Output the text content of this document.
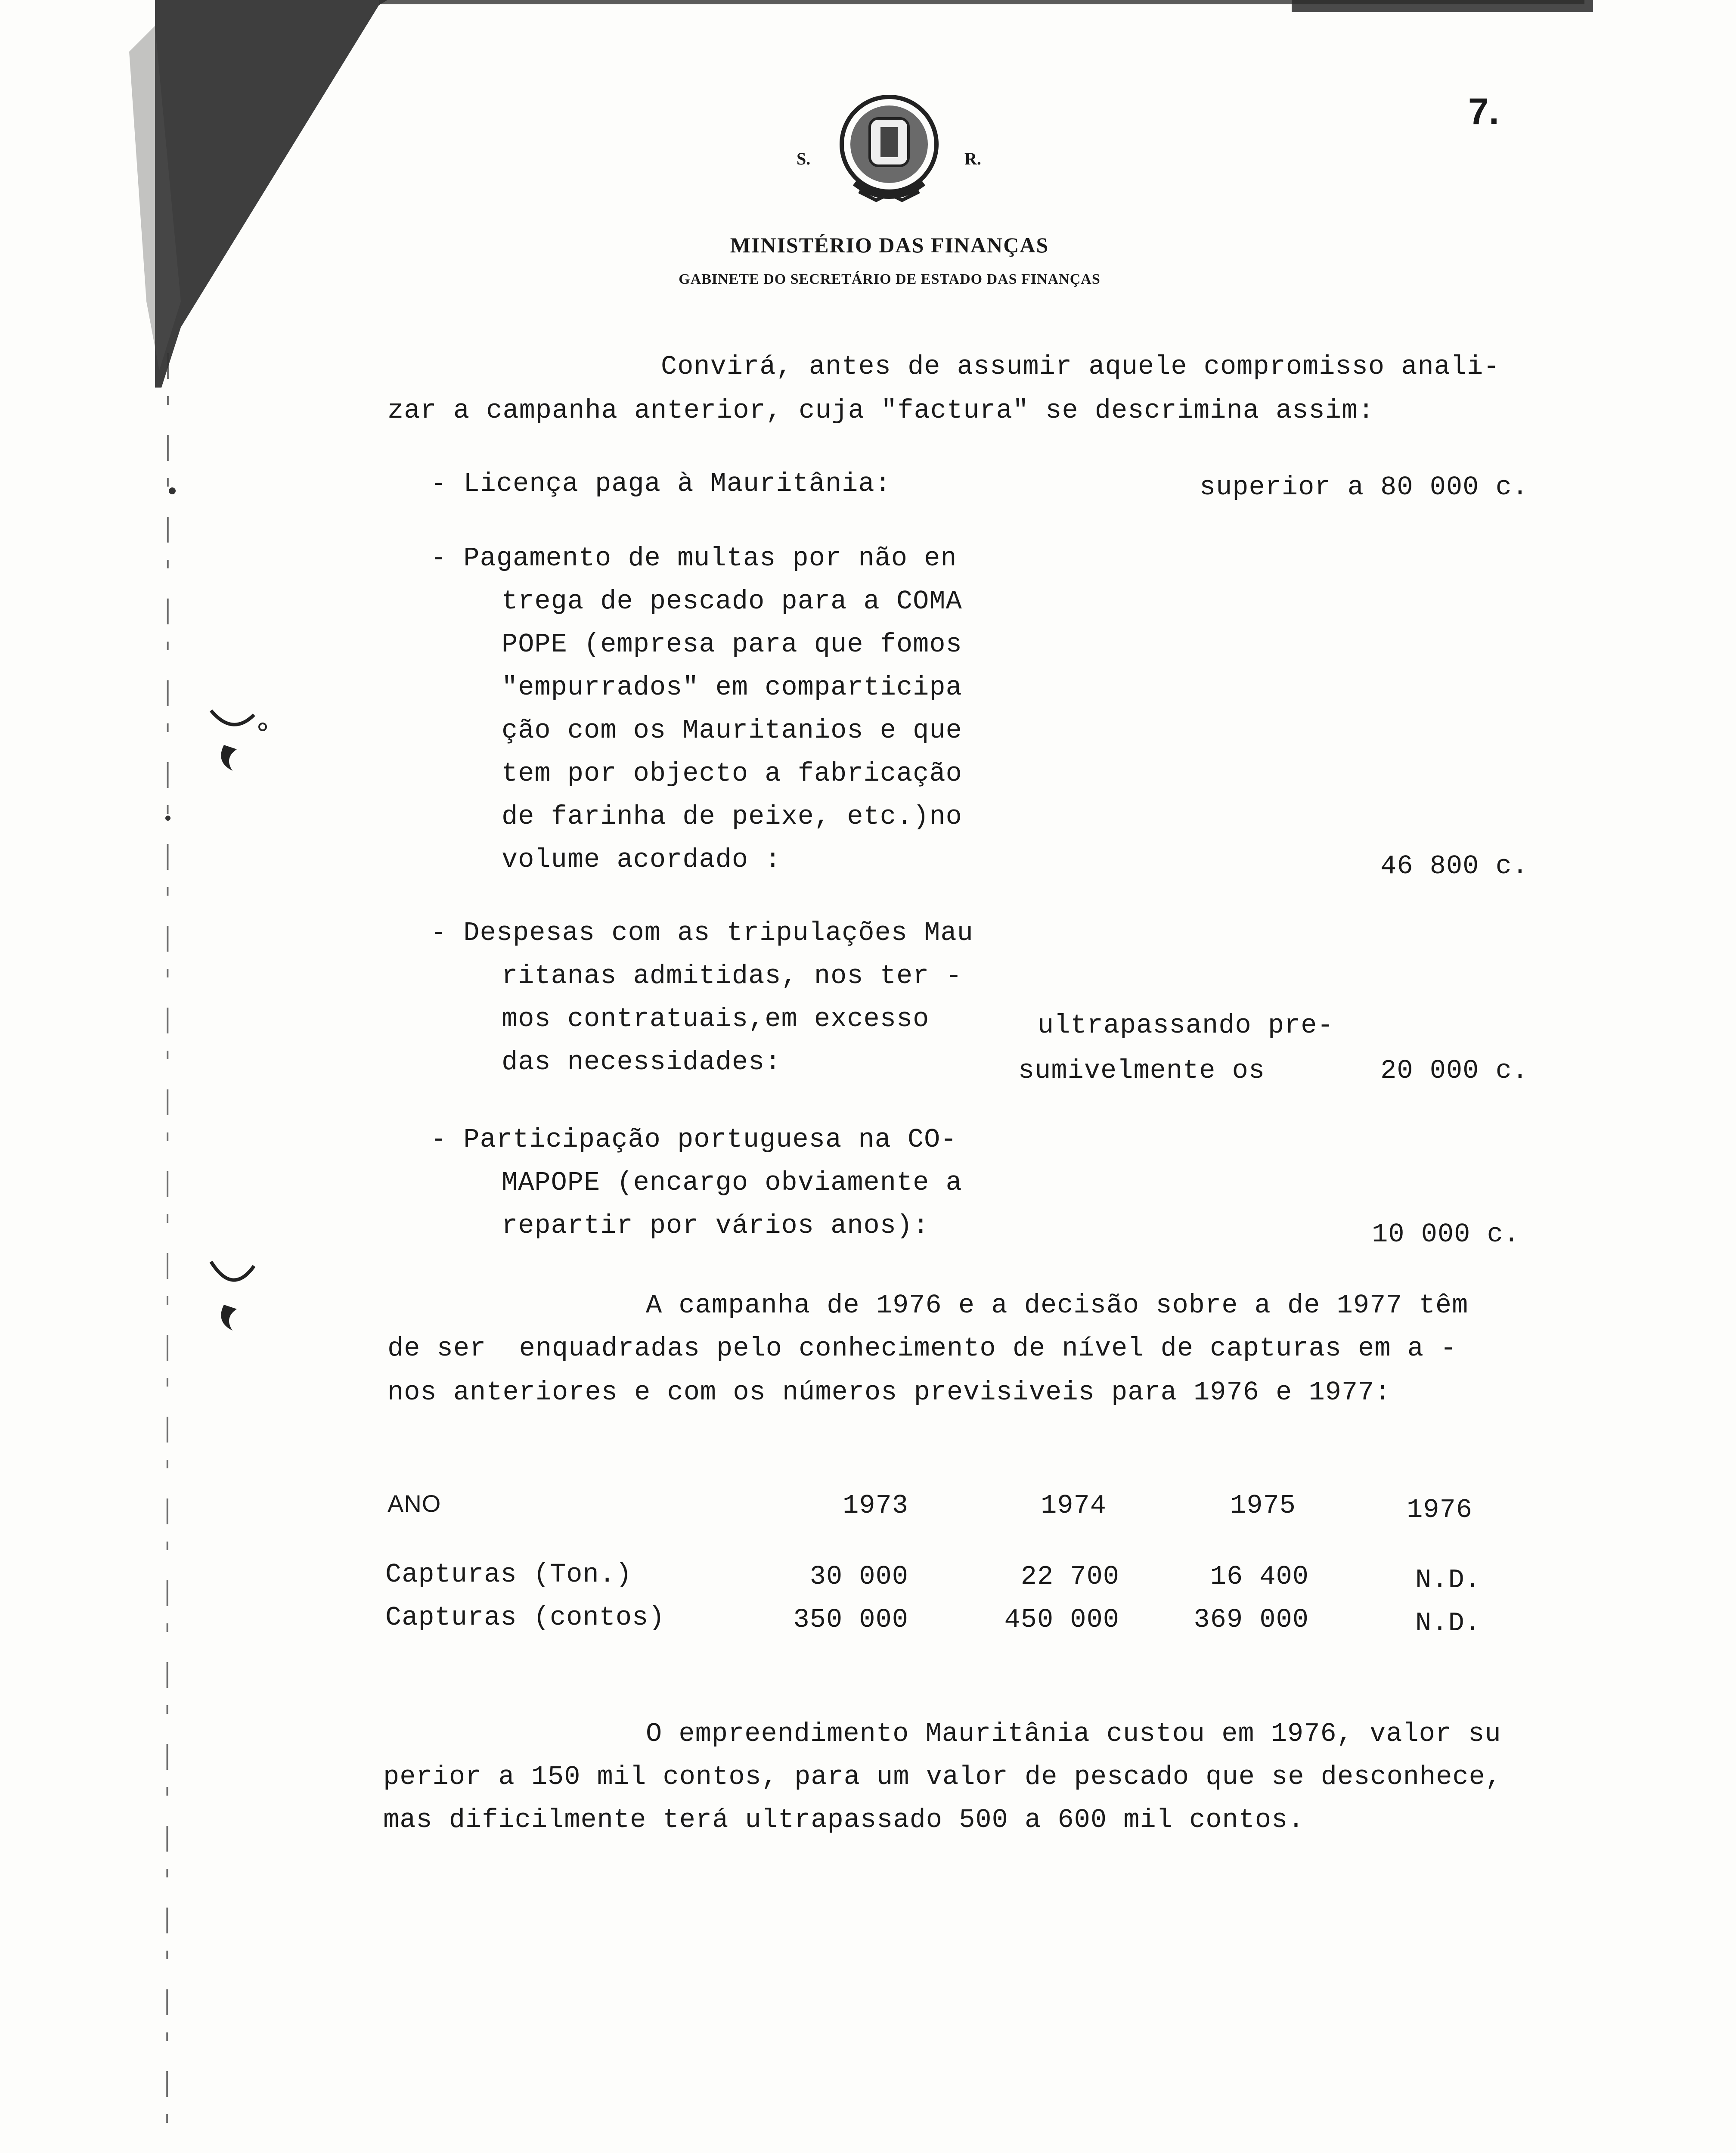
7.
S.	R.
MINISTÉRIO DAS FINANÇAS
GABINETE DO SECRETÁRIO DE ESTADO DAS FINANÇAS
Convirá, antes de assumir aquele compromisso anali-
zar a campanha anterior, cuja "factura" se descrimina assim:
- Licença paga à Mauritânia:	superior a 80 000 c.
- Pagamento de multas por não en
trega de pescado para a COMA
POPE (empresa para que fomos
"empurrados" em comparticipa
ção com os Mauritanios e que
tem por objecto a fabricação
de farinha de peixe, etc.)no
volume acordado :	46 800 c.
- Despesas com as tripulações Mau
ritanas admitidas, nos ter -
mos contratuais,em excesso
das necessidades:
ultrapassando pre-
sumivelmente os	20 000 c.
- Participação portuguesa na CO-
MAPOPE (encargo obviamente a
repartir por vários anos):	10 000 c.
A campanha de 1976 e a decisão sobre a de 1977 têm
de ser  enquadradas pelo conhecimento de nível de capturas em a -
nos anteriores e com os números previsiveis para 1976 e 1977:
ANO	1973	1974	1975	1976
Capturas (Ton.)	30 000	22 700	16 400	N.D.
Capturas (contos)	350 000	450 000	369 000	N.D.
O empreendimento Mauritânia custou em 1976, valor su
perior a 150 mil contos, para um valor de pescado que se desconhece,
mas dificilmente terá ultrapassado 500 a 600 mil contos.
